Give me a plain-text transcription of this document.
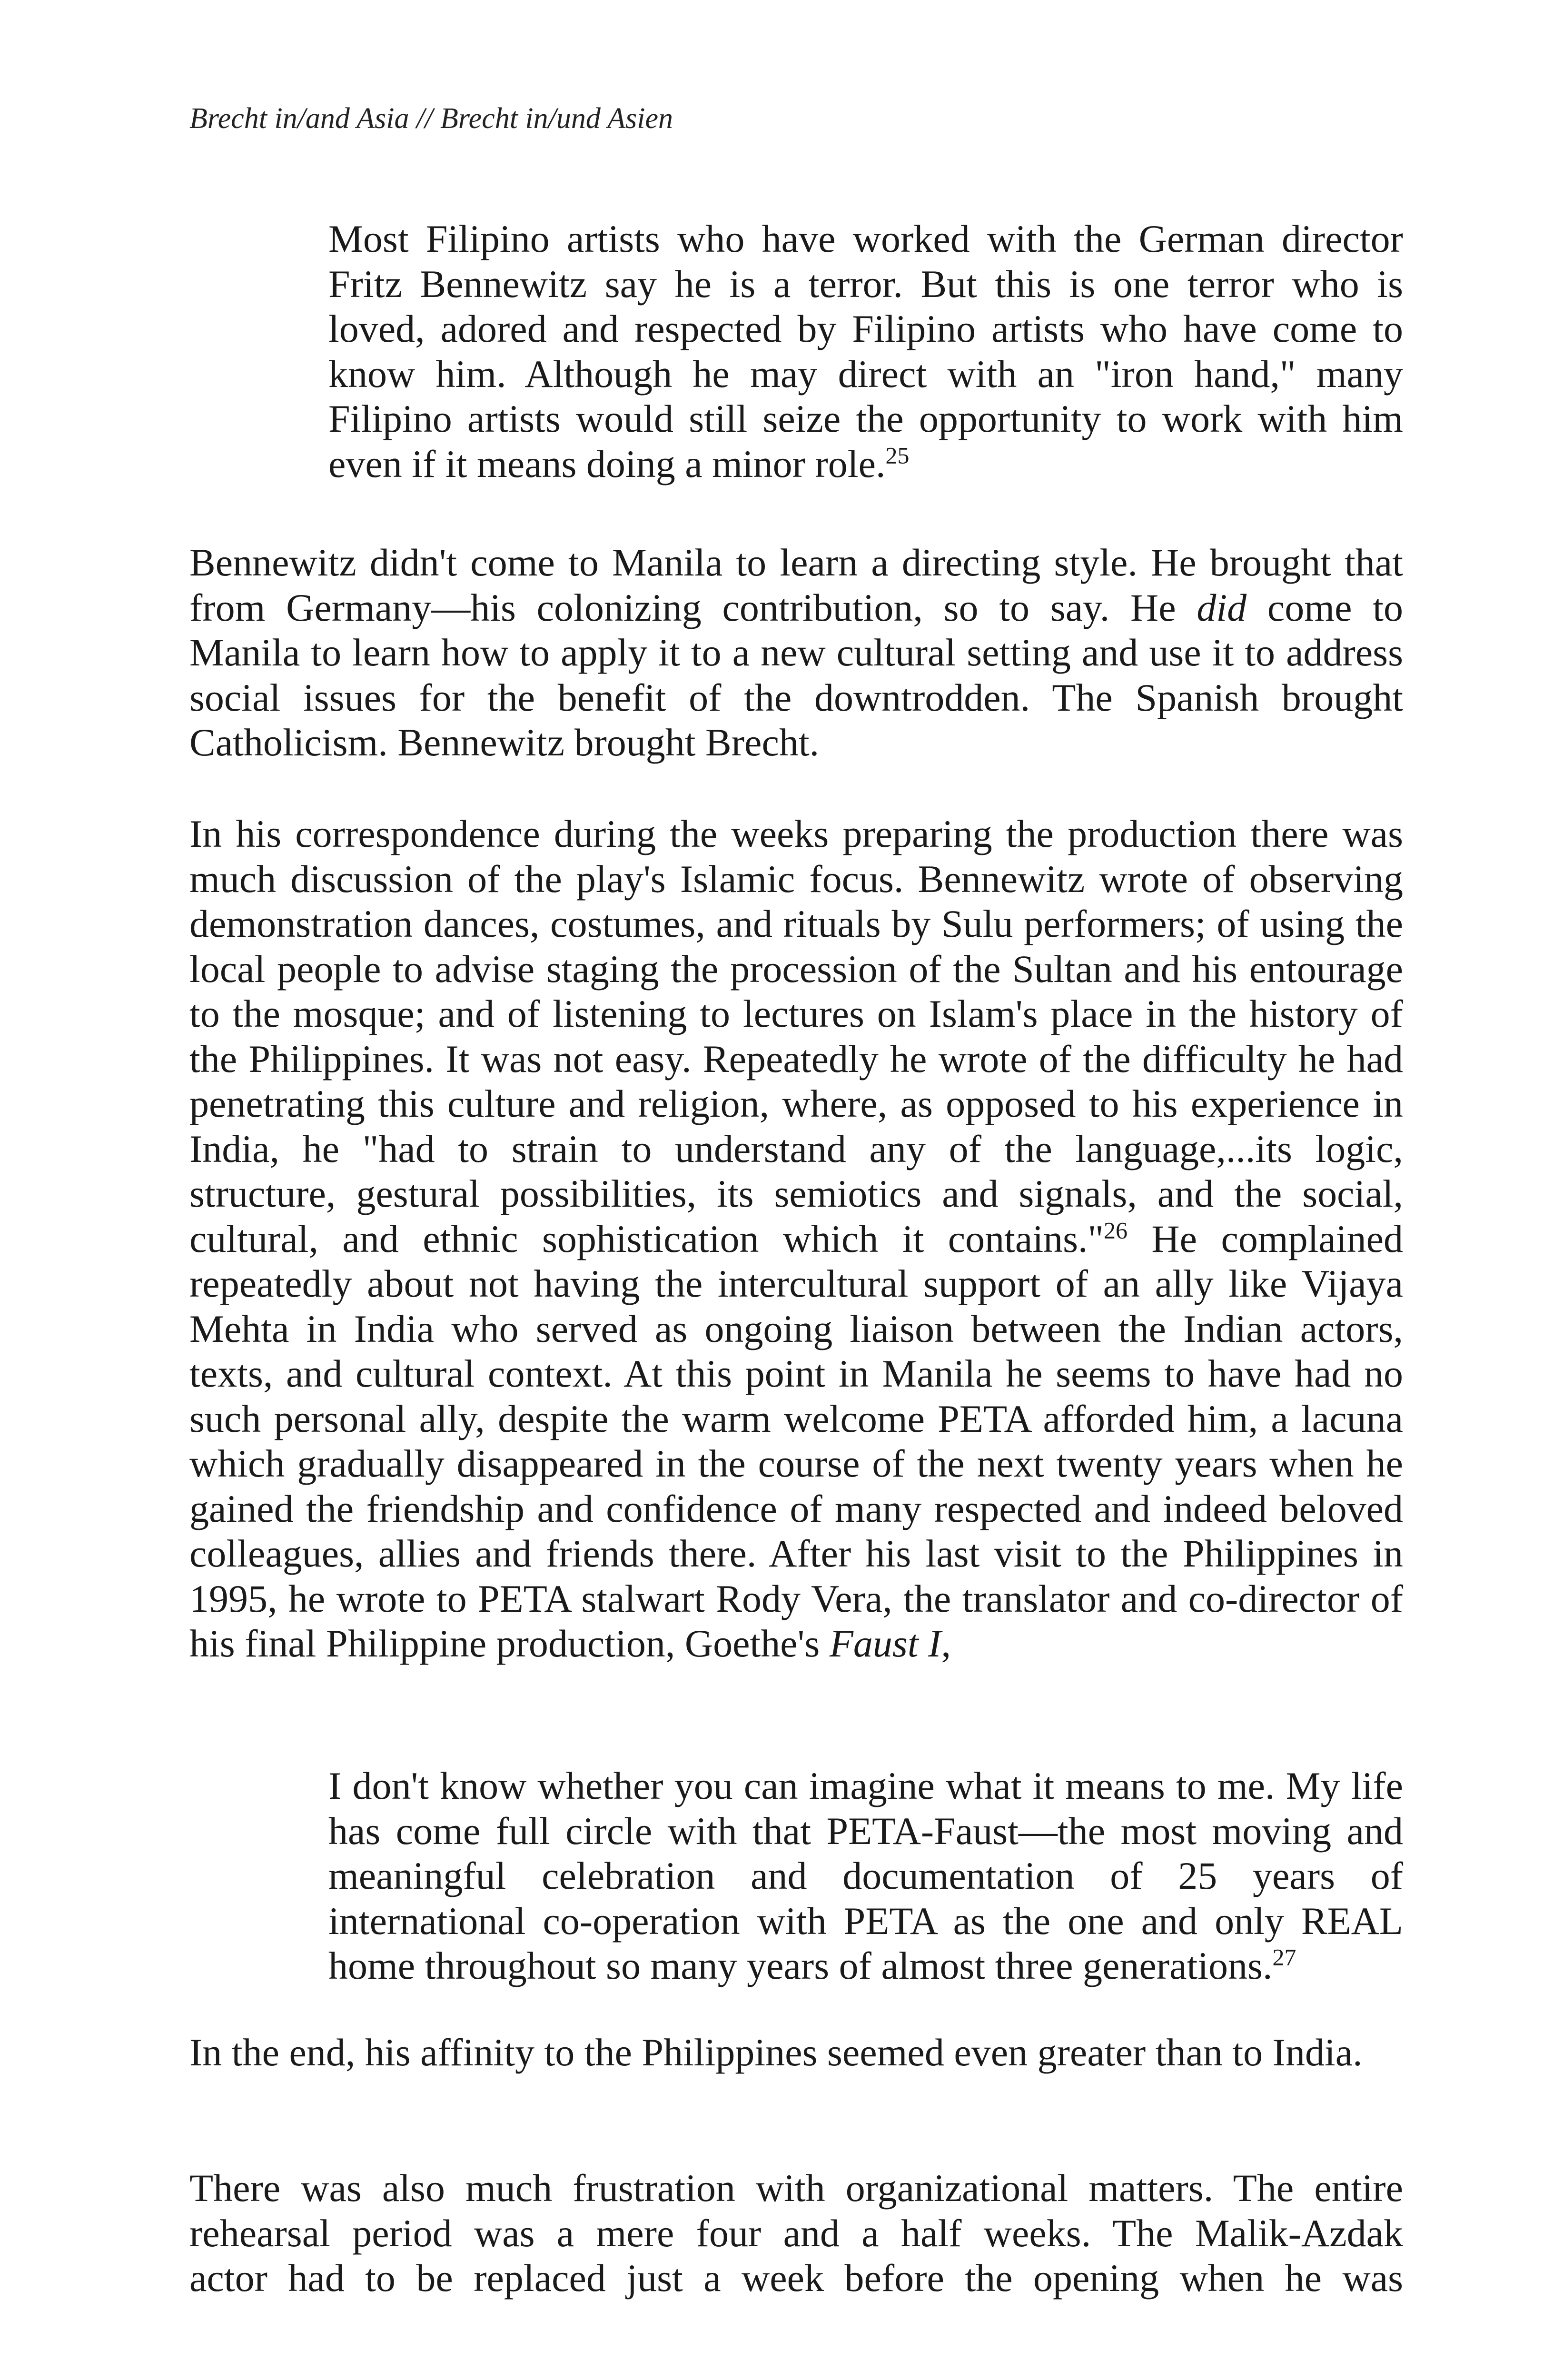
Brecht in/and Asia // Brecht in/und Asien

Most Filipino artists who have worked with the German director Fritz Bennewitz say he is a terror. But this is one terror who is loved, adored and respected by Filipino artists who have come to know him. Although he may direct with an "iron hand," many Filipino artists would still seize the opportunity to work with him even if it means doing a minor role.$^{25}$

Bennewitz didn't come to Manila to learn a directing style. He brought that from Germany—his colonizing contribution, so to say. He did come to Manila to learn how to apply it to a new cultural setting and use it to address social issues for the benefit of the downtrodden. The Spanish brought Catholicism. Bennewitz brought Brecht.

In his correspondence during the weeks preparing the production there was much discussion of the play's Islamic focus. Bennewitz wrote of observing demonstration dances, costumes, and rituals by Sulu performers; of using the local people to advise staging the procession of the Sultan and his entourage to the mosque; and of listening to lectures on Islam's place in the history of the Philippines. It was not easy. Repeatedly he wrote of the difficulty he had penetrating this culture and religion, where, as opposed to his experience in India, he "had to strain to understand any of the language,...its logic, structure, gestural possibilities, its semiotics and signals, and the social, cultural, and ethnic sophistication which it contains."$^{26}$ He complained repeatedly about not having the intercultural support of an ally like Vijaya Mehta in India who served as ongoing liaison between the Indian actors, texts, and cultural context. At this point in Manila he seems to have had no such personal ally, despite the warm welcome PETA afforded him, a lacuna which gradually disappeared in the course of the next twenty years when he gained the friendship and confidence of many respected and indeed beloved colleagues, allies and friends there. After his last visit to the Philippines in 1995, he wrote to PETA stalwart Rody Vera, the translator and co-director of his final Philippine production, Goethe's Faust I,

I don't know whether you can imagine what it means to me. My life has come full circle with that PETA-Faust—the most moving and meaningful celebration and documentation of 25 years of international co-operation with PETA as the one and only REAL home throughout so many years of almost three generations.$^{27}$

In the end, his affinity to the Philippines seemed even greater than to India.

There was also much frustration with organizational matters. The entire
rehearsal period was a mere four and a half weeks. The Malik-Azdak
actor had to be replaced just a week before the opening when he was
